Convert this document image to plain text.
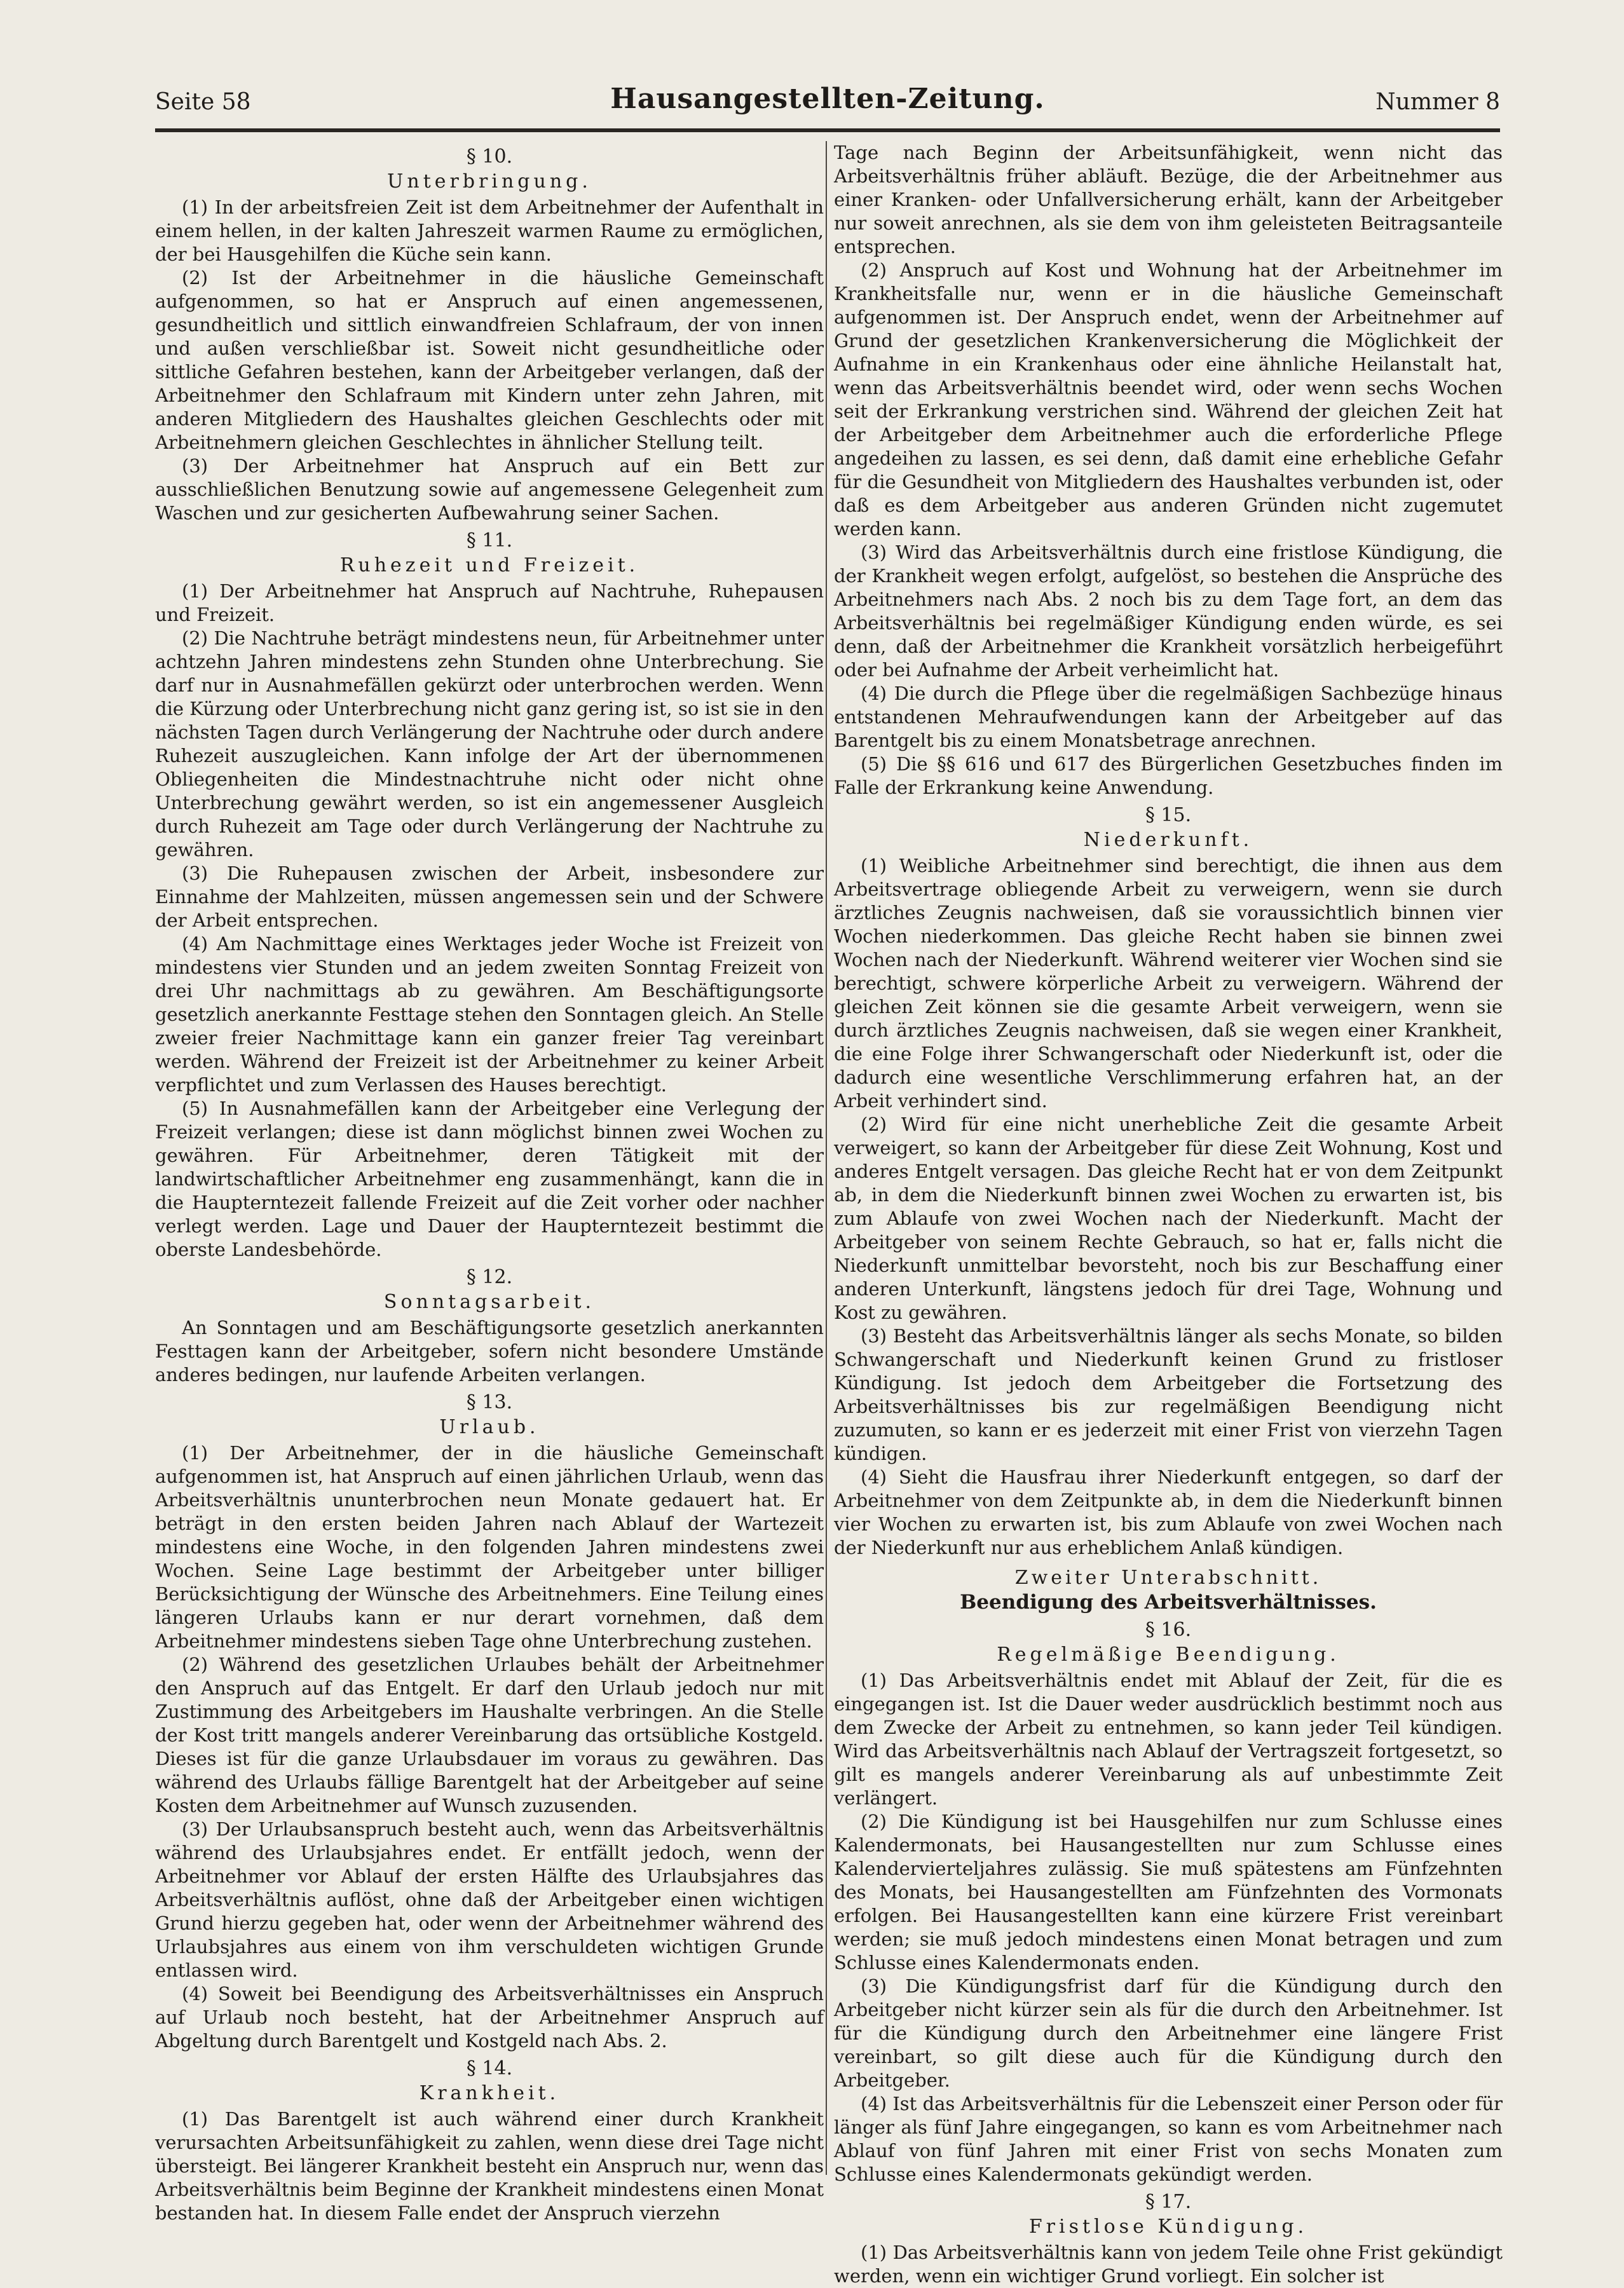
Seite 58	Hausangestellten-Zeitung.	Nummer 8
§ 10.
Unterbringung.

(1) In der arbeitsfreien Zeit ist dem Arbeitnehmer der Aufenthalt in einem hellen, in der kalten Jahreszeit warmen Raume zu ermöglichen, der bei Hausgehilfen die Küche sein kann.

(2) Ist der Arbeitnehmer in die häusliche Gemeinschaft aufgenommen, so hat er Anspruch auf einen angemessenen, gesundheitlich und sittlich einwandfreien Schlafraum, der von innen und außen verschließbar ist. Soweit nicht gesundheitliche oder sittliche Gefahren bestehen, kann der Arbeitgeber verlangen, daß der Arbeitnehmer den Schlafraum mit Kindern unter zehn Jahren, mit anderen Mitgliedern des Haushaltes gleichen Geschlechts oder mit Arbeitnehmern gleichen Geschlechtes in ähnlicher Stellung teilt.

(3) Der Arbeitnehmer hat Anspruch auf ein Bett zur ausschließlichen Benutzung sowie auf angemessene Gelegenheit zum Waschen und zur gesicherten Aufbewahrung seiner Sachen.

§ 11.
Ruhezeit und Freizeit.

(1) Der Arbeitnehmer hat Anspruch auf Nachtruhe, Ruhepausen und Freizeit.

(2) Die Nachtruhe beträgt mindestens neun, für Arbeitnehmer unter achtzehn Jahren mindestens zehn Stunden ohne Unterbrechung. Sie darf nur in Ausnahmefällen gekürzt oder unterbrochen werden. Wenn die Kürzung oder Unterbrechung nicht ganz gering ist, so ist sie in den nächsten Tagen durch Verlängerung der Nachtruhe oder durch andere Ruhezeit auszugleichen. Kann infolge der Art der übernommenen Obliegenheiten die Mindestnachtruhe nicht oder nicht ohne Unterbrechung gewährt werden, so ist ein angemessener Ausgleich durch Ruhezeit am Tage oder durch Verlängerung der Nachtruhe zu gewähren.

(3) Die Ruhepausen zwischen der Arbeit, insbesondere zur Einnahme der Mahlzeiten, müssen angemessen sein und der Schwere der Arbeit entsprechen.

(4) Am Nachmittage eines Werktages jeder Woche ist Freizeit von mindestens vier Stunden und an jedem zweiten Sonntag Freizeit von drei Uhr nachmittags ab zu gewähren. Am Beschäftigungsorte gesetzlich anerkannte Festtage stehen den Sonntagen gleich. An Stelle zweier freier Nachmittage kann ein ganzer freier Tag vereinbart werden. Während der Freizeit ist der Arbeitnehmer zu keiner Arbeit verpflichtet und zum Verlassen des Hauses berechtigt.

(5) In Ausnahmefällen kann der Arbeitgeber eine Verlegung der Freizeit verlangen; diese ist dann möglichst binnen zwei Wochen zu gewähren. Für Arbeitnehmer, deren Tätigkeit mit der landwirtschaftlicher Arbeitnehmer eng zusammenhängt, kann die in die Haupterntezeit fallende Freizeit auf die Zeit vorher oder nachher verlegt werden. Lage und Dauer der Haupterntezeit bestimmt die oberste Landesbehörde.

§ 12.
Sonntagsarbeit.

An Sonntagen und am Beschäftigungsorte gesetzlich anerkannten Festtagen kann der Arbeitgeber, sofern nicht besondere Umstände anderes bedingen, nur laufende Arbeiten verlangen.

§ 13.
Urlaub.

(1) Der Arbeitnehmer, der in die häusliche Gemeinschaft aufgenommen ist, hat Anspruch auf einen jährlichen Urlaub, wenn das Arbeitsverhältnis ununterbrochen neun Monate gedauert hat. Er beträgt in den ersten beiden Jahren nach Ablauf der Wartezeit mindestens eine Woche, in den folgenden Jahren mindestens zwei Wochen. Seine Lage bestimmt der Arbeitgeber unter billiger Berücksichtigung der Wünsche des Arbeitnehmers. Eine Teilung eines längeren Urlaubs kann er nur derart vornehmen, daß dem Arbeitnehmer mindestens sieben Tage ohne Unterbrechung zustehen.

(2) Während des gesetzlichen Urlaubes behält der Arbeitnehmer den Anspruch auf das Entgelt. Er darf den Urlaub jedoch nur mit Zustimmung des Arbeitgebers im Haushalte verbringen. An die Stelle der Kost tritt mangels anderer Vereinbarung das ortsübliche Kostgeld. Dieses ist für die ganze Urlaubsdauer im voraus zu gewähren. Das während des Urlaubs fällige Barentgelt hat der Arbeitgeber auf seine Kosten dem Arbeitnehmer auf Wunsch zuzusenden.

(3) Der Urlaubsanspruch besteht auch, wenn das Arbeitsverhältnis während des Urlaubsjahres endet. Er entfällt jedoch, wenn der Arbeitnehmer vor Ablauf der ersten Hälfte des Urlaubsjahres das Arbeitsverhältnis auflöst, ohne daß der Arbeitgeber einen wichtigen Grund hierzu gegeben hat, oder wenn der Arbeitnehmer während des Urlaubsjahres aus einem von ihm verschuldeten wichtigen Grunde entlassen wird.

(4) Soweit bei Beendigung des Arbeitsverhältnisses ein Anspruch auf Urlaub noch besteht, hat der Arbeitnehmer Anspruch auf Abgeltung durch Barentgelt und Kostgeld nach Abs. 2.

§ 14.
Krankheit.

(1) Das Barentgelt ist auch während einer durch Krankheit verursachten Arbeitsunfähigkeit zu zahlen, wenn diese drei Tage nicht übersteigt. Bei längerer Krankheit besteht ein Anspruch nur, wenn das Arbeitsverhältnis beim Beginne der Krankheit mindestens einen Monat bestanden hat. In diesem Falle endet der Anspruch vierzehn

Tage nach Beginn der Arbeitsunfähigkeit, wenn nicht das Arbeitsverhältnis früher abläuft. Bezüge, die der Arbeitnehmer aus einer Kranken- oder Unfallversicherung erhält, kann der Arbeitgeber nur soweit anrechnen, als sie dem von ihm geleisteten Beitragsanteile entsprechen.

(2) Anspruch auf Kost und Wohnung hat der Arbeitnehmer im Krankheitsfalle nur, wenn er in die häusliche Gemeinschaft aufgenommen ist. Der Anspruch endet, wenn der Arbeitnehmer auf Grund der gesetzlichen Krankenversicherung die Möglichkeit der Aufnahme in ein Krankenhaus oder eine ähnliche Heilanstalt hat, wenn das Arbeitsverhältnis beendet wird, oder wenn sechs Wochen seit der Erkrankung verstrichen sind. Während der gleichen Zeit hat der Arbeitgeber dem Arbeitnehmer auch die erforderliche Pflege angedeihen zu lassen, es sei denn, daß damit eine erhebliche Gefahr für die Gesundheit von Mitgliedern des Haushaltes verbunden ist, oder daß es dem Arbeitgeber aus anderen Gründen nicht zugemutet werden kann.

(3) Wird das Arbeitsverhältnis durch eine fristlose Kündigung, die der Krankheit wegen erfolgt, aufgelöst, so bestehen die Ansprüche des Arbeitnehmers nach Abs. 2 noch bis zu dem Tage fort, an dem das Arbeitsverhältnis bei regelmäßiger Kündigung enden würde, es sei denn, daß der Arbeitnehmer die Krankheit vorsätzlich herbeigeführt oder bei Aufnahme der Arbeit verheimlicht hat.

(4) Die durch die Pflege über die regelmäßigen Sachbezüge hinaus entstandenen Mehraufwendungen kann der Arbeitgeber auf das Barentgelt bis zu einem Monatsbetrage anrechnen.

(5) Die §§ 616 und 617 des Bürgerlichen Gesetzbuches finden im Falle der Erkrankung keine Anwendung.

§ 15.
Niederkunft.

(1) Weibliche Arbeitnehmer sind berechtigt, die ihnen aus dem Arbeitsvertrage obliegende Arbeit zu verweigern, wenn sie durch ärztliches Zeugnis nachweisen, daß sie voraussichtlich binnen vier Wochen niederkommen. Das gleiche Recht haben sie binnen zwei Wochen nach der Niederkunft. Während weiterer vier Wochen sind sie berechtigt, schwere körperliche Arbeit zu verweigern. Während der gleichen Zeit können sie die gesamte Arbeit verweigern, wenn sie durch ärztliches Zeugnis nachweisen, daß sie wegen einer Krankheit, die eine Folge ihrer Schwangerschaft oder Niederkunft ist, oder die dadurch eine wesentliche Verschlimmerung erfahren hat, an der Arbeit verhindert sind.

(2) Wird für eine nicht unerhebliche Zeit die gesamte Arbeit verweigert, so kann der Arbeitgeber für diese Zeit Wohnung, Kost und anderes Entgelt versagen. Das gleiche Recht hat er von dem Zeitpunkt ab, in dem die Niederkunft binnen zwei Wochen zu erwarten ist, bis zum Ablaufe von zwei Wochen nach der Niederkunft. Macht der Arbeitgeber von seinem Rechte Gebrauch, so hat er, falls nicht die Niederkunft unmittelbar bevorsteht, noch bis zur Beschaffung einer anderen Unterkunft, längstens jedoch für drei Tage, Wohnung und Kost zu gewähren.

(3) Besteht das Arbeitsverhältnis länger als sechs Monate, so bilden Schwangerschaft und Niederkunft keinen Grund zu fristloser Kündigung. Ist jedoch dem Arbeitgeber die Fortsetzung des Arbeitsverhältnisses bis zur regelmäßigen Beendigung nicht zuzumuten, so kann er es jederzeit mit einer Frist von vierzehn Tagen kündigen.

(4) Sieht die Hausfrau ihrer Niederkunft entgegen, so darf der Arbeitnehmer von dem Zeitpunkte ab, in dem die Niederkunft binnen vier Wochen zu erwarten ist, bis zum Ablaufe von zwei Wochen nach der Niederkunft nur aus erheblichem Anlaß kündigen.

Zweiter Unterabschnitt.
Beendigung des Arbeitsverhältnisses.
§ 16.
Regelmäßige Beendigung.

(1) Das Arbeitsverhältnis endet mit Ablauf der Zeit, für die es eingegangen ist. Ist die Dauer weder ausdrücklich bestimmt noch aus dem Zwecke der Arbeit zu entnehmen, so kann jeder Teil kündigen. Wird das Arbeitsverhältnis nach Ablauf der Vertragszeit fortgesetzt, so gilt es mangels anderer Vereinbarung als auf unbestimmte Zeit verlängert.

(2) Die Kündigung ist bei Hausgehilfen nur zum Schlusse eines Kalendermonats, bei Hausangestellten nur zum Schlusse eines Kalendervierteljahres zulässig. Sie muß spätestens am Fünfzehnten des Monats, bei Hausangestellten am Fünfzehnten des Vormonats erfolgen. Bei Hausangestellten kann eine kürzere Frist vereinbart werden; sie muß jedoch mindestens einen Monat betragen und zum Schlusse eines Kalendermonats enden.

(3) Die Kündigungsfrist darf für die Kündigung durch den Arbeitgeber nicht kürzer sein als für die durch den Arbeitnehmer. Ist für die Kündigung durch den Arbeitnehmer eine längere Frist vereinbart, so gilt diese auch für die Kündigung durch den Arbeitgeber.

(4) Ist das Arbeitsverhältnis für die Lebenszeit einer Person oder für länger als fünf Jahre eingegangen, so kann es vom Arbeitnehmer nach Ablauf von fünf Jahren mit einer Frist von sechs Monaten zum Schlusse eines Kalendermonats gekündigt werden.

§ 17.
Fristlose Kündigung.

(1) Das Arbeitsverhältnis kann von jedem Teile ohne Frist gekündigt werden, wenn ein wichtiger Grund vorliegt. Ein solcher ist
